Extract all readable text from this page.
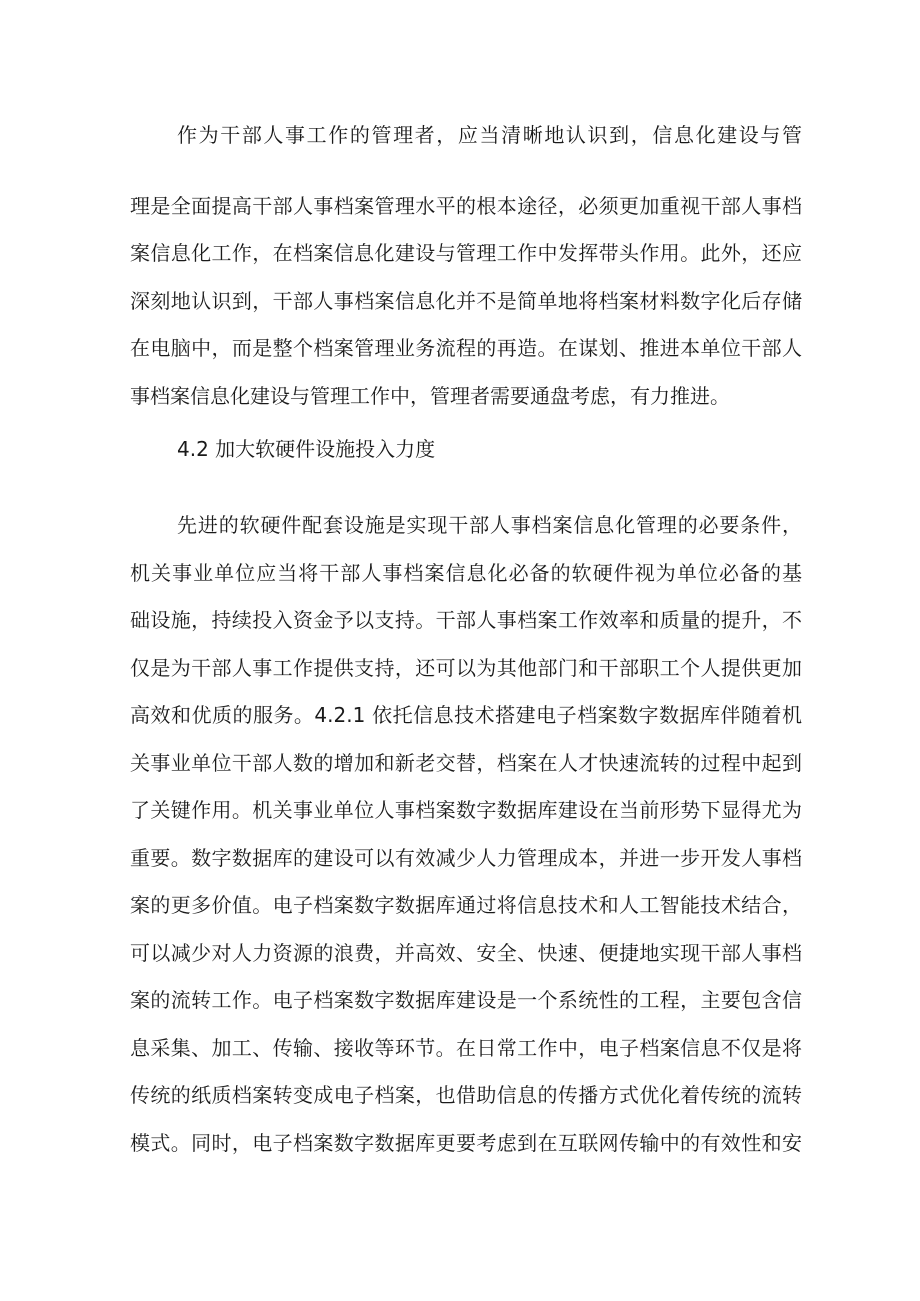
作为干部人事工作的管理者，应当清晰地认识到，信息化建设与管
理是全面提高干部人事档案管理水平的根本途径，必须更加重视干部人事档
案信息化工作，在档案信息化建设与管理工作中发挥带头作用。此外，还应
深刻地认识到，干部人事档案信息化并不是简单地将档案材料数字化后存储
在电脑中，而是整个档案管理业务流程的再造。在谋划、推进本单位干部人
事档案信息化建设与管理工作中，管理者需要通盘考虑，有力推进。
4.2 加大软硬件设施投入力度
先进的软硬件配套设施是实现干部人事档案信息化管理的必要条件，
机关事业单位应当将干部人事档案信息化必备的软硬件视为单位必备的基
础设施，持续投入资金予以支持。干部人事档案工作效率和质量的提升，不
仅是为干部人事工作提供支持，还可以为其他部门和干部职工个人提供更加
高效和优质的服务。4.2.1 依托信息技术搭建电子档案数字数据库伴随着机
关事业单位干部人数的增加和新老交替，档案在人才快速流转的过程中起到
了关键作用。机关事业单位人事档案数字数据库建设在当前形势下显得尤为
重要。数字数据库的建设可以有效减少人力管理成本，并进一步开发人事档
案的更多价值。电子档案数字数据库通过将信息技术和人工智能技术结合，
可以减少对人力资源的浪费，并高效、安全、快速、便捷地实现干部人事档
案的流转工作。电子档案数字数据库建设是一个系统性的工程，主要包含信
息采集、加工、传输、接收等环节。在日常工作中，电子档案信息不仅是将
传统的纸质档案转变成电子档案，也借助信息的传播方式优化着传统的流转
模式。同时，电子档案数字数据库更要考虑到在互联网传输中的有效性和安
